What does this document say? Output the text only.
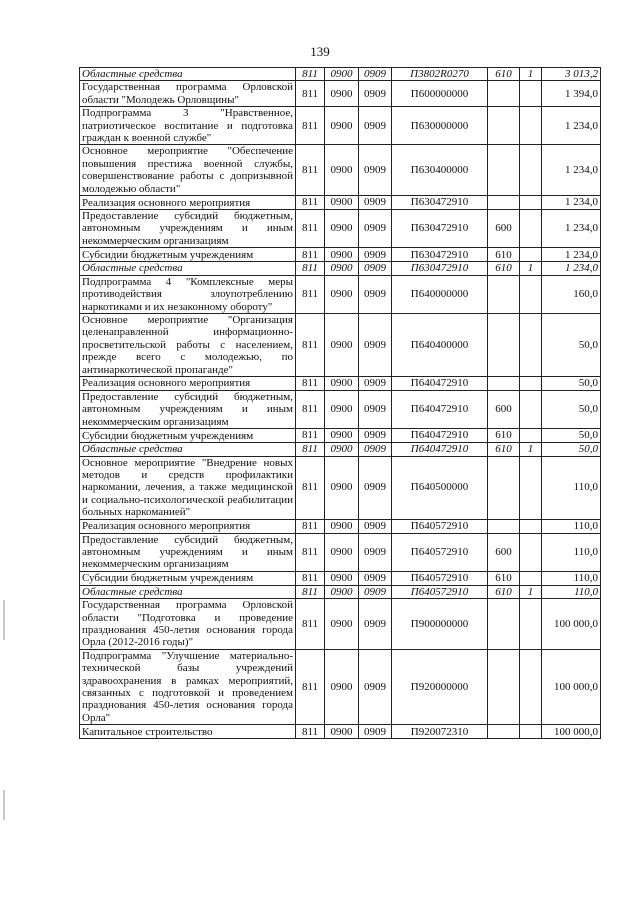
139
Областные средства	811	0900	0909	П3802R0270	610	1	3 013,2
Государственная программа Орловской области "Молодежь Орловщины"	811	0900	0909	П600000000			1 394,0
Подпрограмма 3 "Нравственное, патриотическое воспитание и подготовка граждан к военной службе"	811	0900	0909	П630000000			1 234,0
Основное мероприятие "Обеспечение повышения престижа военной службы, совершенствование работы с допризывной молодежью области"	811	0900	0909	П630400000			1 234,0
Реализация основного мероприятия	811	0900	0909	П630472910			1 234,0
Предоставление субсидий бюджетным, автономным учреждениям и иным некоммерческим организациям	811	0900	0909	П630472910	600		1 234,0
Субсидии бюджетным учреждениям	811	0900	0909	П630472910	610		1 234,0
Областные средства	811	0900	0909	П630472910	610	1	1 234,0
Подпрограмма 4 "Комплексные меры противодействия злоупотреблению наркотиками и их незаконному обороту"	811	0900	0909	П640000000			160,0
Основное мероприятие "Организация целенаправленной информационно-просветительской работы с населением, прежде всего с молодежью, по антинаркотической пропаганде"	811	0900	0909	П640400000			50,0
Реализация основного мероприятия	811	0900	0909	П640472910			50,0
Предоставление субсидий бюджетным, автономным учреждениям и иным некоммерческим организациям	811	0900	0909	П640472910	600		50,0
Субсидии бюджетным учреждениям	811	0900	0909	П640472910	610		50,0
Областные средства	811	0900	0909	П640472910	610	1	50,0
Основное мероприятие "Внедрение новых методов и средств профилактики наркомании, лечения, а также медицинской и социально-психологической реабилитации больных наркоманией"	811	0900	0909	П640500000			110,0
Реализация основного мероприятия	811	0900	0909	П640572910			110,0
Предоставление субсидий бюджетным, автономным учреждениям и иным некоммерческим организациям	811	0900	0909	П640572910	600		110,0
Субсидии бюджетным учреждениям	811	0900	0909	П640572910	610		110,0
Областные средства	811	0900	0909	П640572910	610	1	110,0
Государственная программа Орловской области "Подготовка и проведение празднования 450-летия основания города Орла (2012-2016 годы)"	811	0900	0909	П900000000			100 000,0
Подпрограмма "Улучшение материально-технической базы учреждений здравоохранения в рамках мероприятий, связанных с подготовкой и проведением празднования 450-летия основания города Орла"	811	0900	0909	П920000000			100 000,0
Капитальное строительство	811	0900	0909	П920072310			100 000,0
